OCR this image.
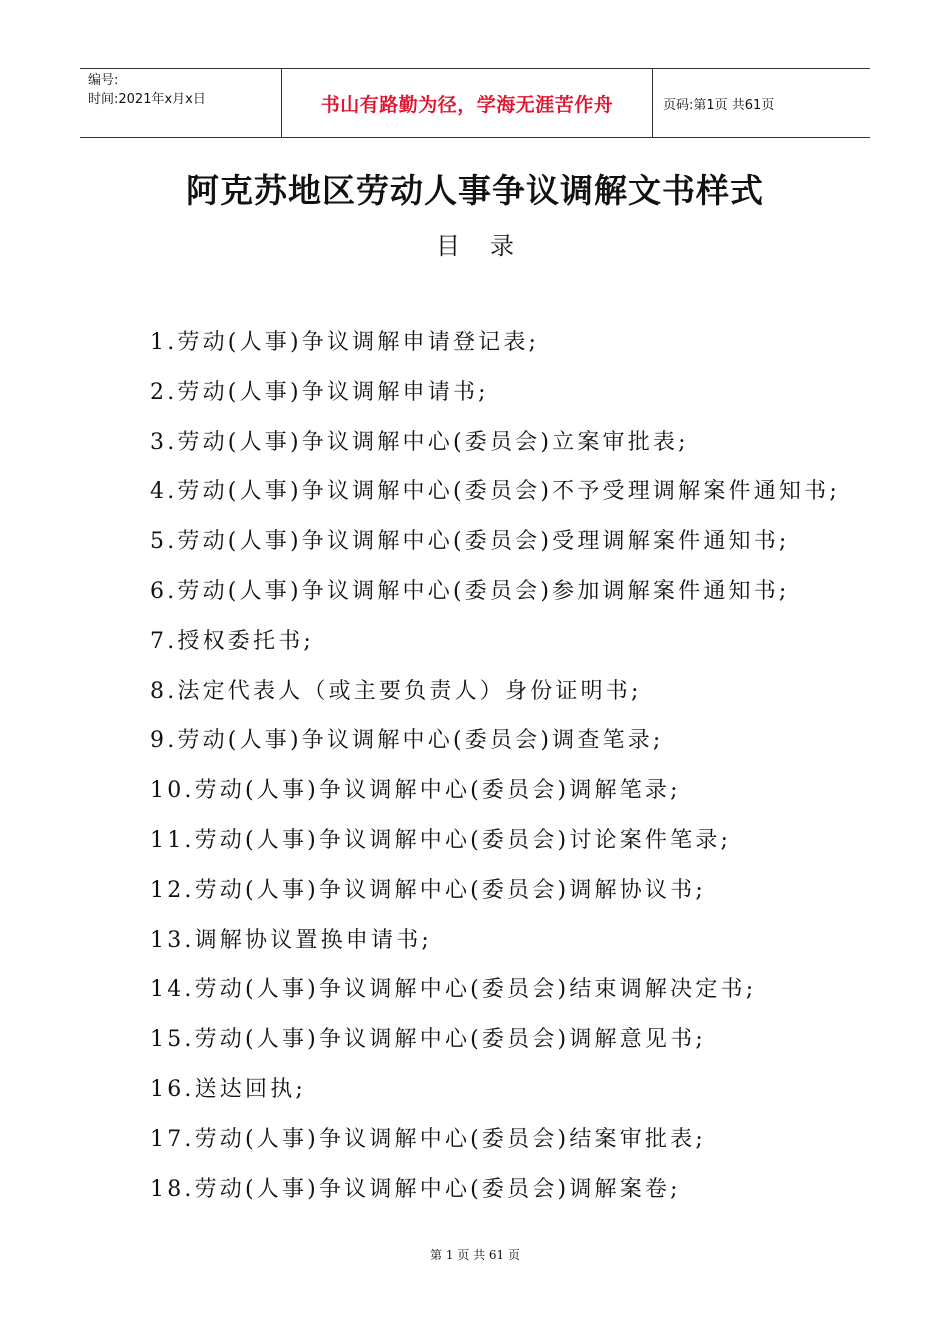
编号:
时间:2021年x月x日	书山有路勤为径，学海无涯苦作舟	页码:第1页 共61页
阿克苏地区劳动人事争议调解文书样式
目录
1.劳动(人事)争议调解申请登记表;
2.劳动(人事)争议调解申请书;
3.劳动(人事)争议调解中心(委员会)立案审批表;
4.劳动(人事)争议调解中心(委员会)不予受理调解案件通知书;
5.劳动(人事)争议调解中心(委员会)受理调解案件通知书;
6.劳动(人事)争议调解中心(委员会)参加调解案件通知书;
7.授权委托书;
8.法定代表人（或主要负责人）身份证明书;
9.劳动(人事)争议调解中心(委员会)调查笔录;
10.劳动(人事)争议调解中心(委员会)调解笔录;
11.劳动(人事)争议调解中心(委员会)讨论案件笔录;
12.劳动(人事)争议调解中心(委员会)调解协议书;
13.调解协议置换申请书;
14.劳动(人事)争议调解中心(委员会)结束调解决定书;
15.劳动(人事)争议调解中心(委员会)调解意见书;
16.送达回执;
17.劳动(人事)争议调解中心(委员会)结案审批表;
18.劳动(人事)争议调解中心(委员会)调解案卷;
第 1 页 共 61 页
